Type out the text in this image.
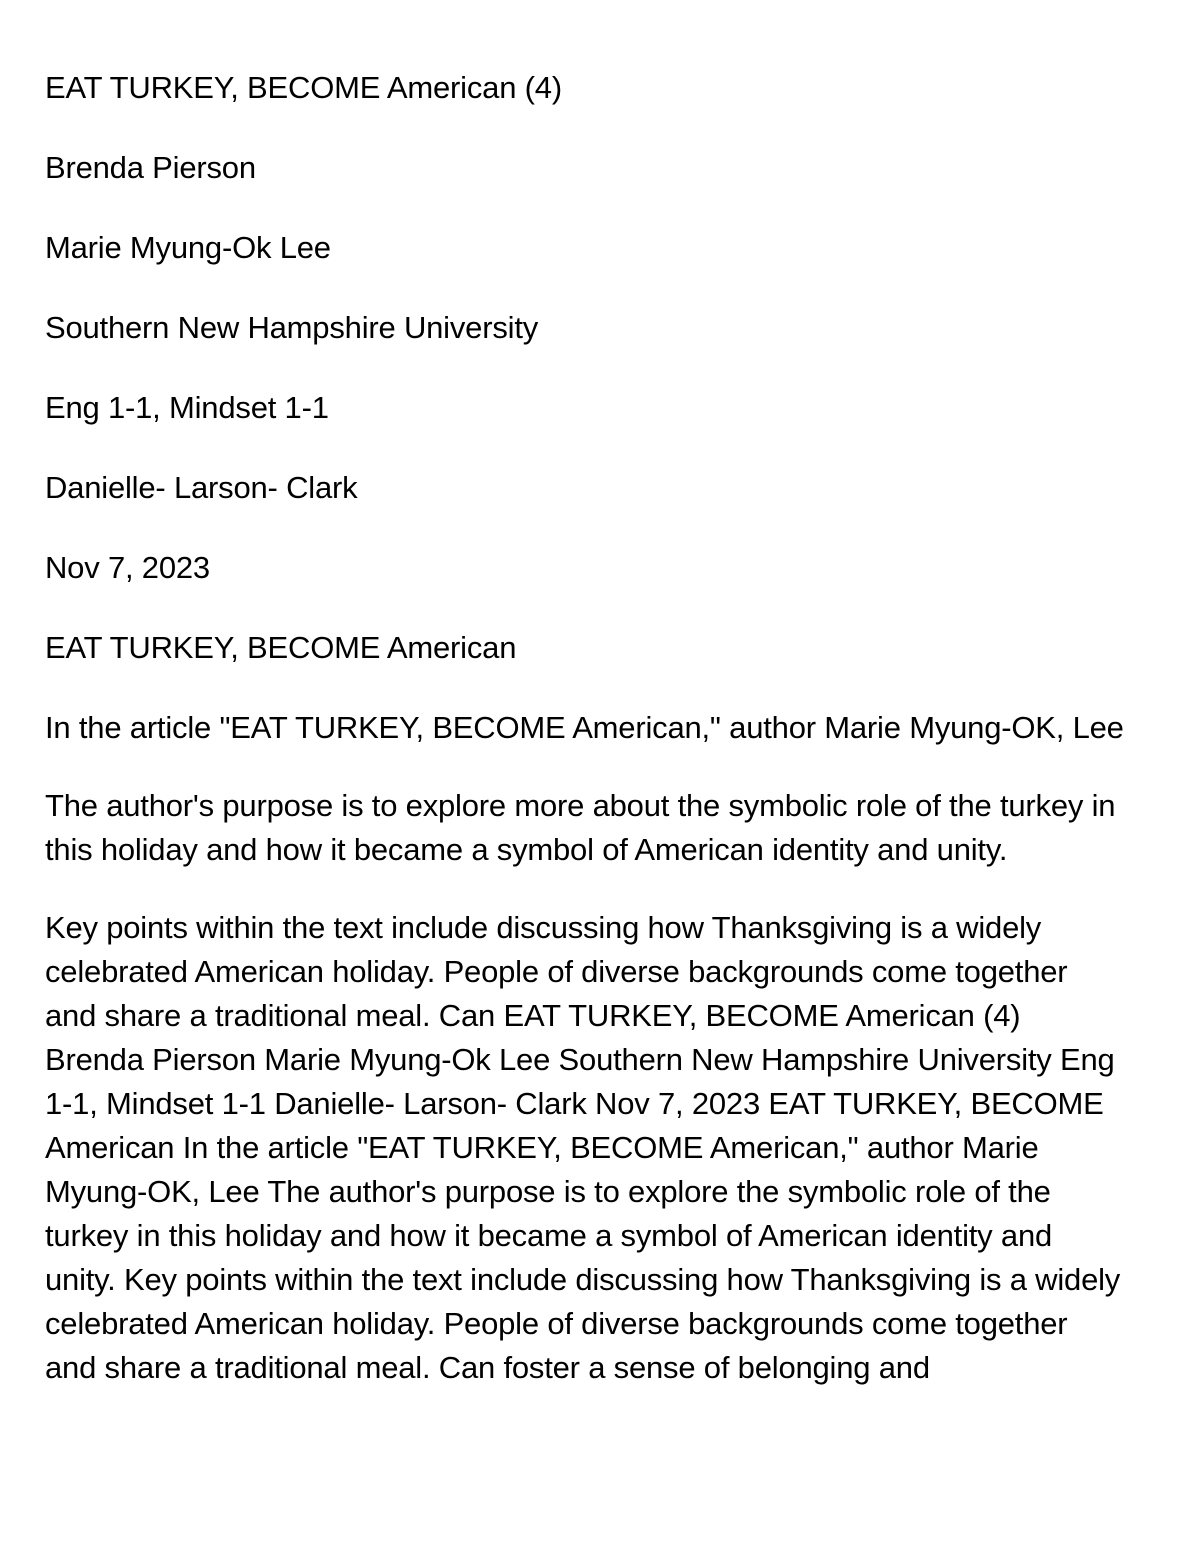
EAT TURKEY, BECOME American (4)

Brenda Pierson

Marie Myung-Ok Lee

Southern New Hampshire University

Eng 1-1, Mindset 1-1

Danielle- Larson- Clark

Nov 7, 2023

EAT TURKEY, BECOME American

In the article "EAT TURKEY, BECOME American," author Marie Myung-OK, Lee

The author's purpose is to explore more about the symbolic role of the turkey in this holiday and how it became a symbol of American identity and unity.

Key points within the text include discussing how Thanksgiving is a widely celebrated American holiday. People of diverse backgrounds come together and share a traditional meal. Can EAT TURKEY, BECOME American (4) Brenda Pierson Marie Myung-Ok Lee Southern New Hampshire University Eng 1-1, Mindset 1-1 Danielle- Larson- Clark Nov 7, 2023 EAT TURKEY, BECOME American In the article "EAT TURKEY, BECOME American," author Marie Myung-OK, Lee The author's purpose is to explore the symbolic role of the turkey in this holiday and how it became a symbol of American identity and unity. Key points within the text include discussing how Thanksgiving is a widely celebrated American holiday. People of diverse backgrounds come together and share a traditional meal. Can foster a sense of belonging and
